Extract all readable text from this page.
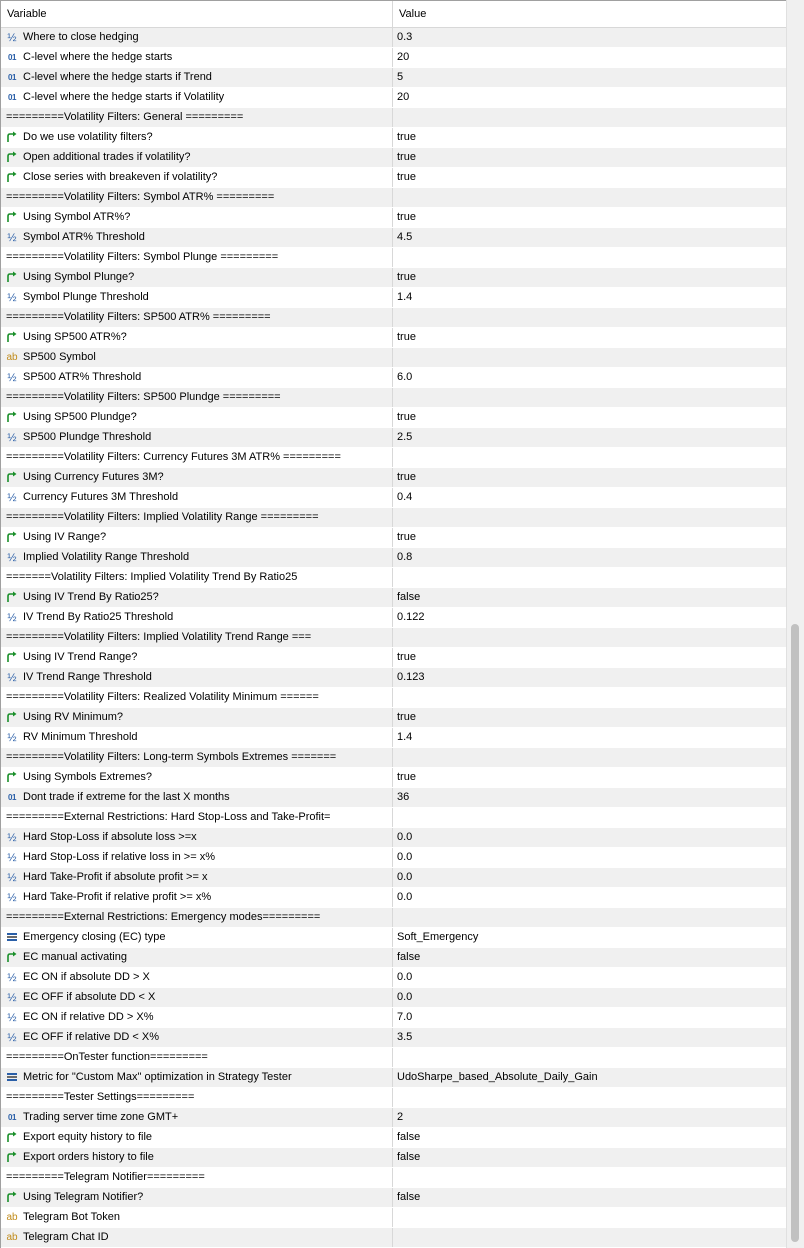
Variable	Value
½ Where to close hedging	0.3
01 C-level where the hedge starts	20
01 C-level where the hedge starts if Trend	5
01 C-level where the hedge starts if Volatility	20
=========Volatility Filters: General =========
Do we use volatility filters?	true
Open additional trades if volatility?	true
Close series with breakeven if volatility?	true
=========Volatility Filters: Symbol ATR% =========
Using Symbol ATR%?	true
½ Symbol ATR% Threshold	4.5
=========Volatility Filters: Symbol Plunge =========
Using Symbol Plunge?	true
½ Symbol Plunge Threshold	1.4
=========Volatility Filters: SP500 ATR% =========
Using SP500 ATR%?	true
ab SP500 Symbol
½ SP500 ATR% Threshold	6.0
=========Volatility Filters: SP500 Plundge =========
Using SP500 Plundge?	true
½ SP500 Plundge Threshold	2.5
=========Volatility Filters: Currency Futures 3M ATR% =========
Using Currency Futures 3M?	true
½ Currency Futures 3M Threshold	0.4
=========Volatility Filters: Implied Volatility Range =========
Using IV Range?	true
½ Implied Volatility Range Threshold	0.8
=======Volatility Filters: Implied Volatility Trend By Ratio25
Using IV Trend By Ratio25?	false
½ IV Trend By Ratio25 Threshold	0.122
=========Volatility Filters: Implied Volatility Trend Range ===
Using IV Trend Range?	true
½ IV Trend Range Threshold	0.123
=========Volatility Filters: Realized Volatility Minimum ======
Using RV Minimum?	true
½ RV Minimum Threshold	1.4
=========Volatility Filters: Long-term Symbols Extremes =======
Using Symbols Extremes?	true
01 Dont trade if extreme for the last X months	36
=========External Restrictions: Hard Stop-Loss and Take-Profit=
½ Hard Stop-Loss if absolute loss >=x	0.0
½ Hard Stop-Loss if relative loss in >= x%	0.0
½ Hard Take-Profit if absolute profit >= x	0.0
½ Hard Take-Profit if relative profit >= x%	0.0
=========External Restrictions: Emergency modes=========
Emergency closing (EC) type	Soft_Emergency
EC manual activating	false
½ EC ON if absolute DD > X	0.0
½ EC OFF if absolute DD < X	0.0
½ EC ON if relative DD > X%	7.0
½ EC OFF if relative DD < X%	3.5
=========OnTester function=========
Metric for "Custom Max" optimization in Strategy Tester	UdoSharpe_based_Absolute_Daily_Gain
=========Tester Settings=========
01 Trading server time zone GMT+	2
Export equity history to file	false
Export orders history to file	false
=========Telegram Notifier=========
Using Telegram Notifier?	false
ab Telegram Bot Token
ab Telegram Chat ID
